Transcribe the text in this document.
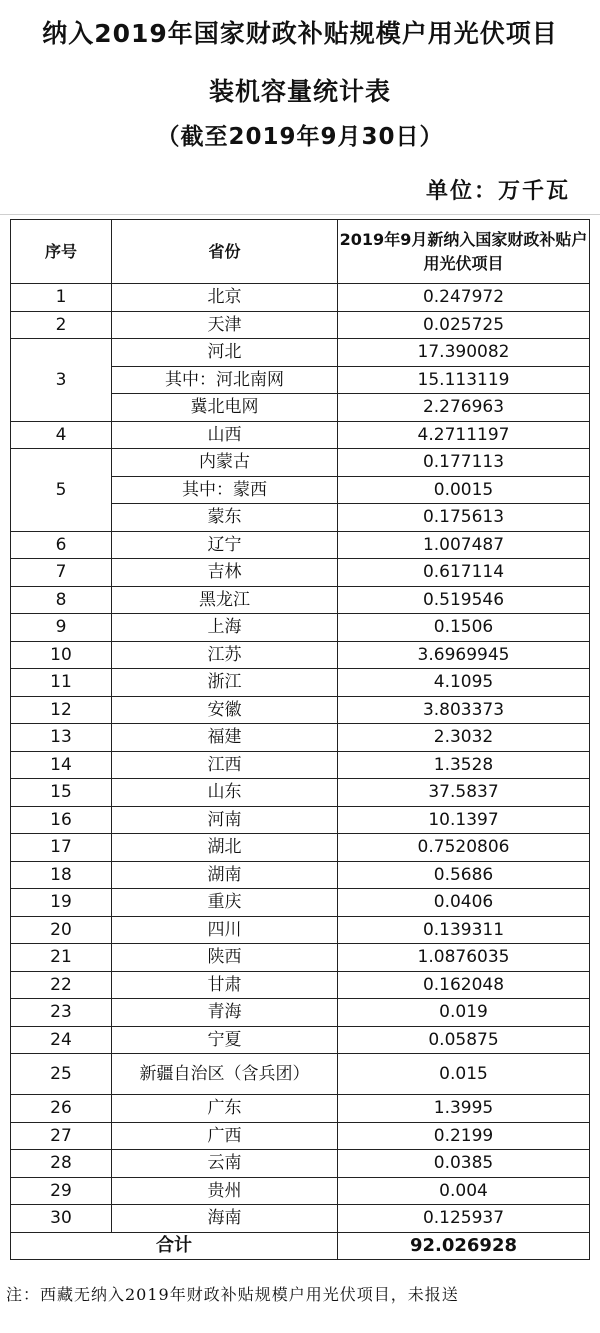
纳入2019年国家财政补贴规模户用光伏项目
装机容量统计表
（截至2019年9月30日）
单位：万千瓦
序号	省份	2019年9月新纳入国家财政补贴户用光伏项目
1	北京	0.247972
2	天津	0.025725
3	河北	17.390082
	其中：河北南网	15.113119
	冀北电网	2.276963
4	山西	4.2711197
5	内蒙古	0.177113
	其中：蒙西	0.0015
	蒙东	0.175613
6	辽宁	1.007487
7	吉林	0.617114
8	黑龙江	0.519546
9	上海	0.1506
10	江苏	3.6969945
11	浙江	4.1095
12	安徽	3.803373
13	福建	2.3032
14	江西	1.3528
15	山东	37.5837
16	河南	10.1397
17	湖北	0.7520806
18	湖南	0.5686
19	重庆	0.0406
20	四川	0.139311
21	陕西	1.0876035
22	甘肃	0.162048
23	青海	0.019
24	宁夏	0.05875
25	新疆自治区（含兵团）	0.015
26	广东	1.3995
27	广西	0.2199
28	云南	0.0385
29	贵州	0.004
30	海南	0.125937
合计		92.026928
注：西藏无纳入2019年财政补贴规模户用光伏项目，未报送
